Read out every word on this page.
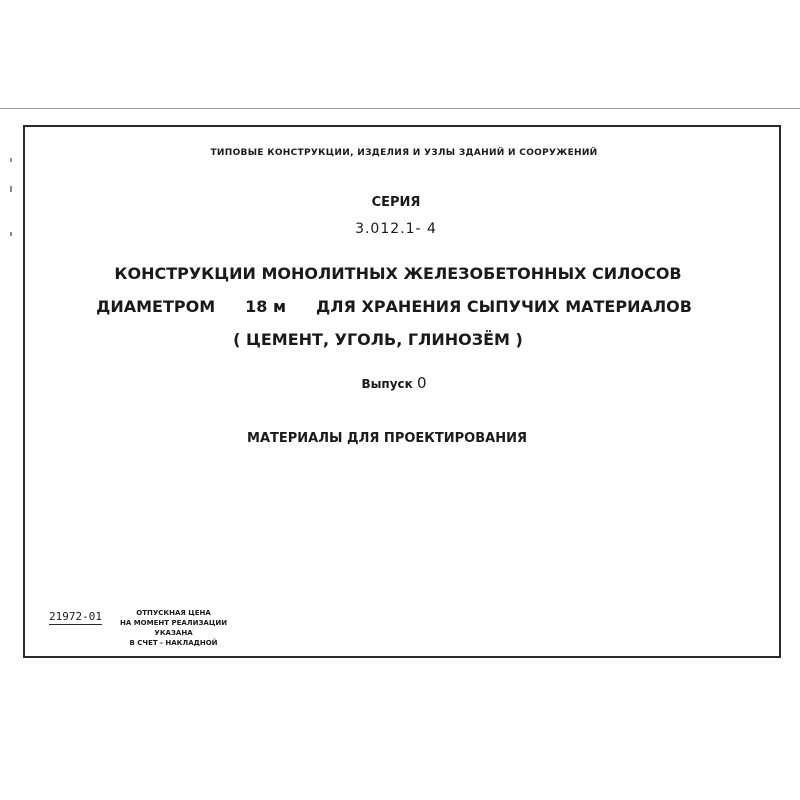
ТИПОВЫЕ КОНСТРУКЦИИ, ИЗДЕЛИЯ И УЗЛЫ ЗДАНИЙ И СООРУЖЕНИЙ
СЕРИЯ
3.012.1- 4
КОНСТРУКЦИИ МОНОЛИТНЫХ ЖЕЛЕЗОБЕТОННЫХ СИЛОСОВ
ДИАМЕТРОМ 18 м ДЛЯ ХРАНЕНИЯ СЫПУЧИХ МАТЕРИАЛОВ
( ЦЕМЕНТ, УГОЛЬ, ГЛИНОЗЁМ )
Выпуск 0
МАТЕРИАЛЫ ДЛЯ ПРОЕКТИРОВАНИЯ
21972-01	ОТПУСКНАЯ ЦЕНА
НА МОМЕНТ РЕАЛИЗАЦИИ
УКАЗАНА
В СЧЕТ - НАКЛАДНОЙ
